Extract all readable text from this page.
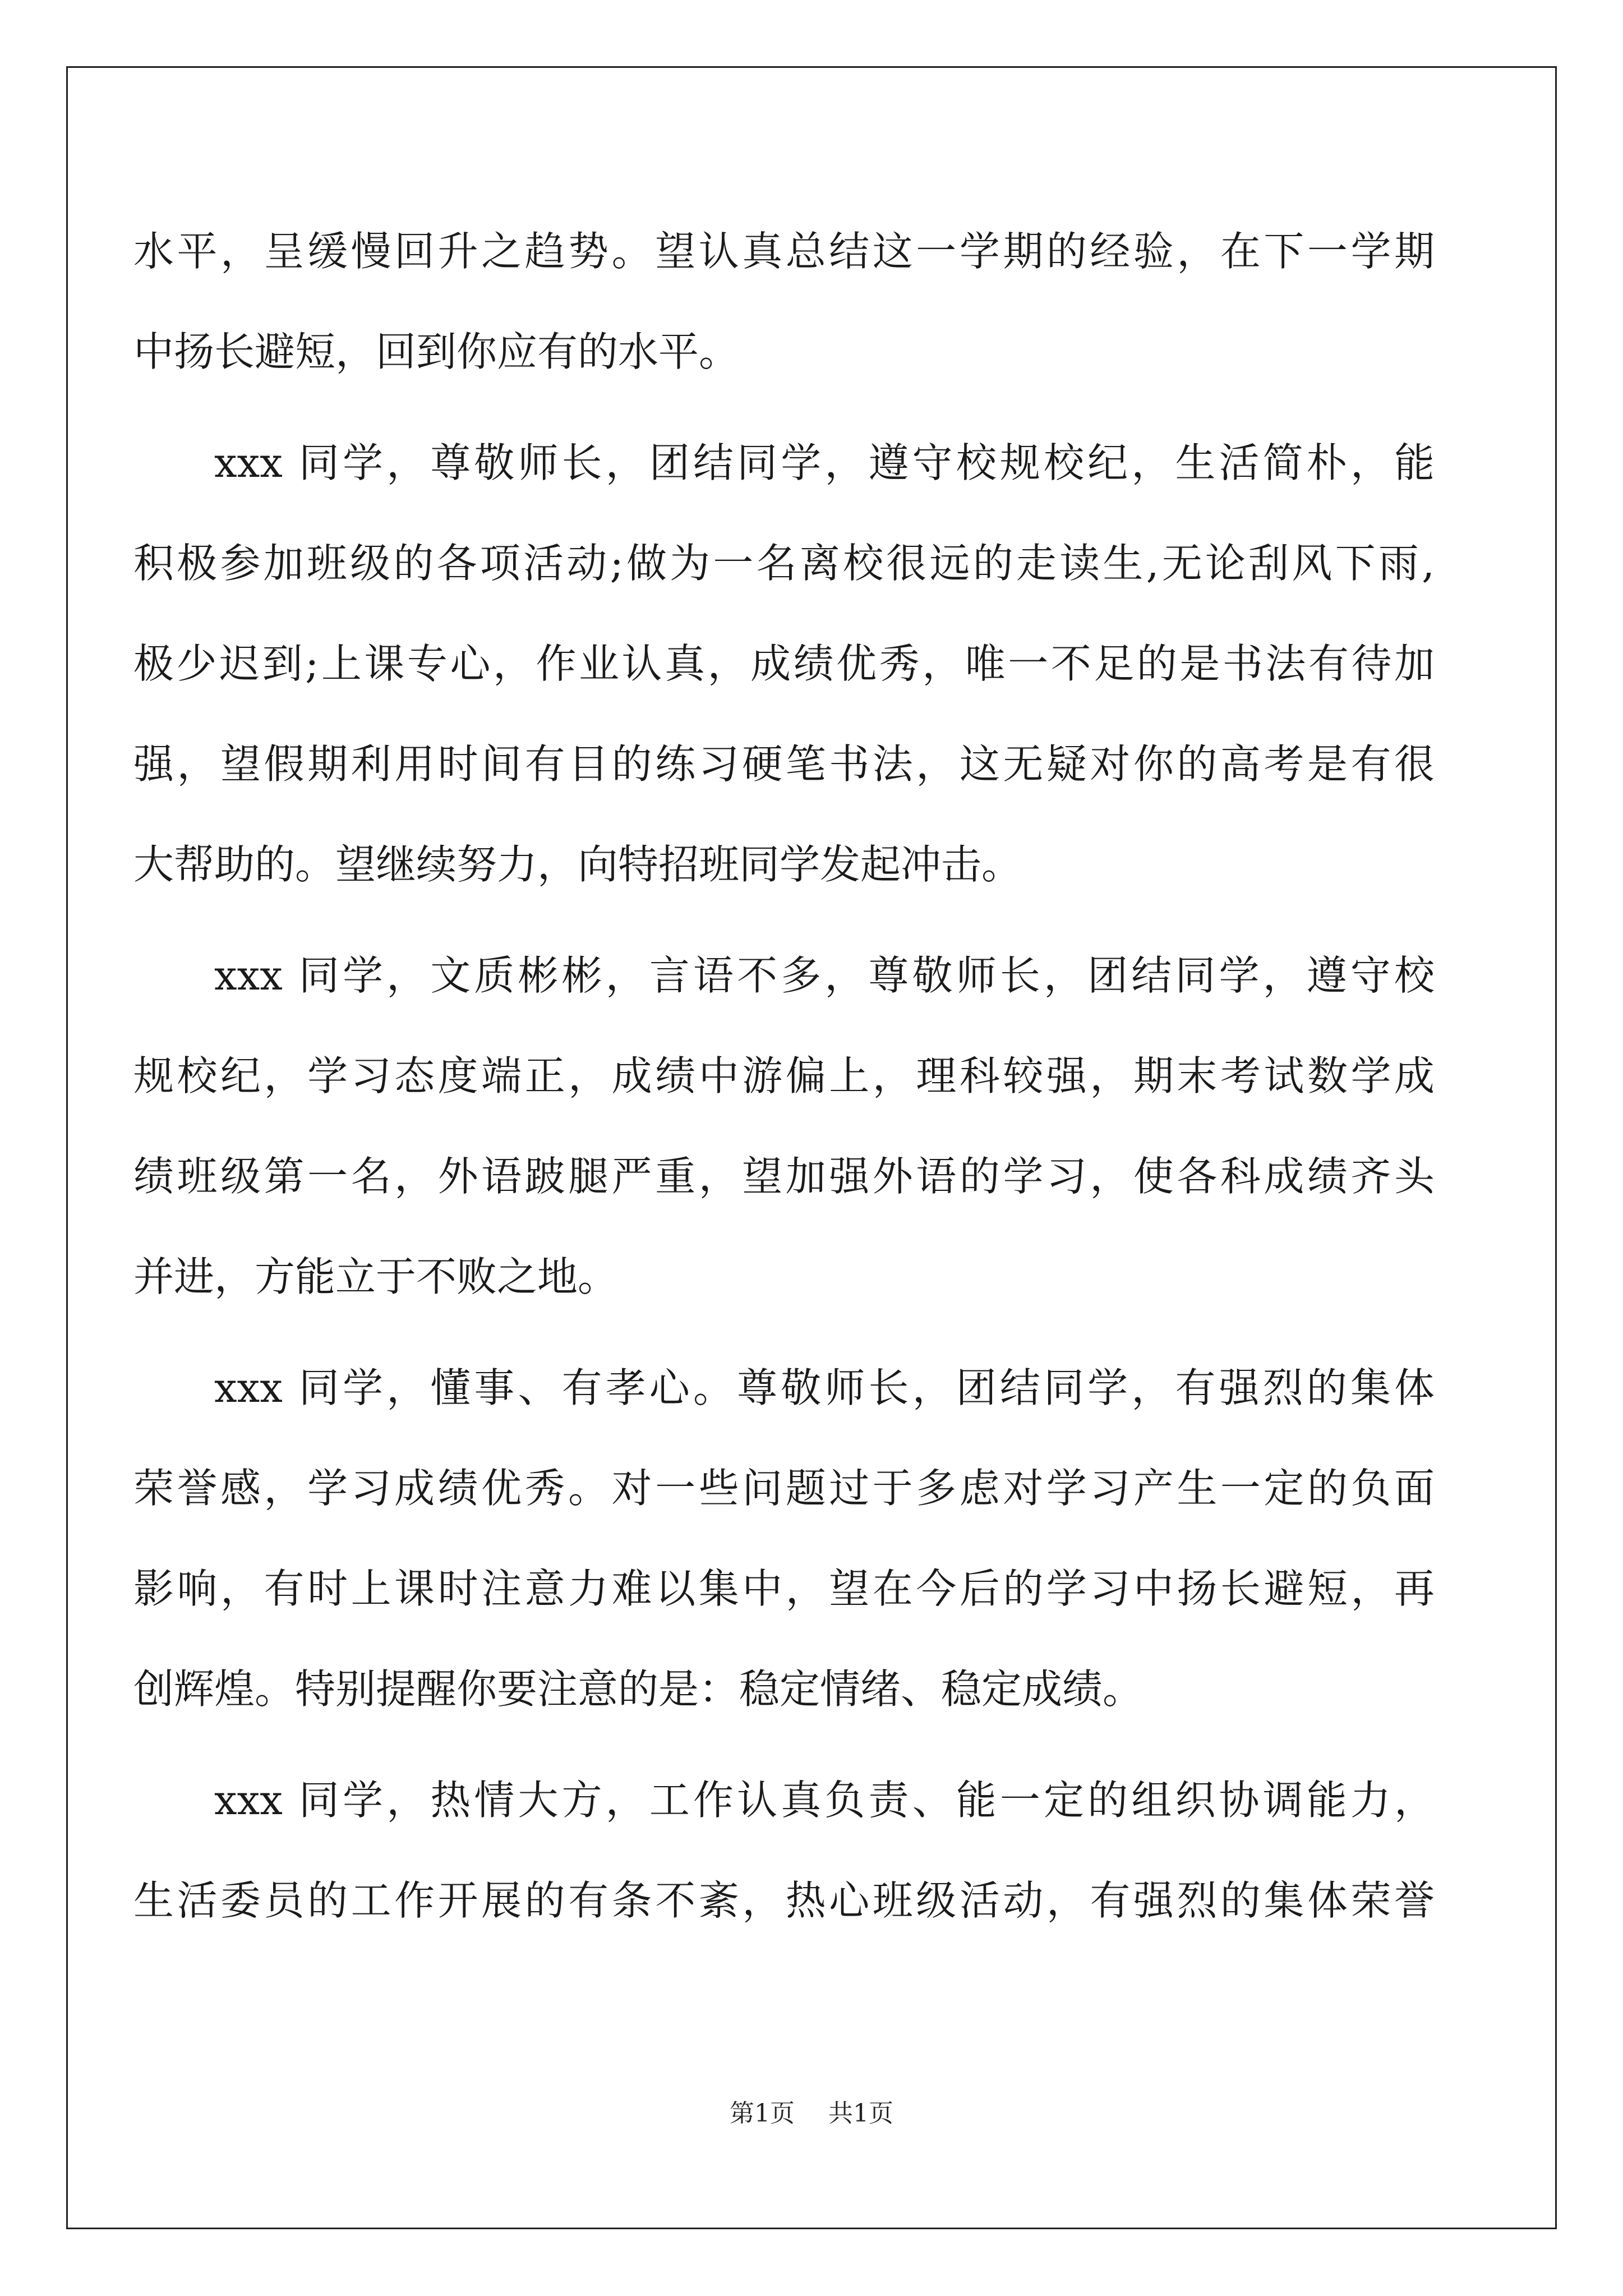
水平，呈缓慢回升之趋势。望认真总结这一学期的经验，在下一学期
中扬长避短，回到你应有的水平。
xxx 同学，尊敬师长，团结同学，遵守校规校纪，生活简朴，能
积极参加班级的各项活动;做为一名离校很远的走读生,无论刮风下雨,
极少迟到;上课专心，作业认真，成绩优秀，唯一不足的是书法有待加
强，望假期利用时间有目的练习硬笔书法，这无疑对你的高考是有很
大帮助的。望继续努力，向特招班同学发起冲击。
xxx 同学，文质彬彬，言语不多，尊敬师长，团结同学，遵守校
规校纪，学习态度端正，成绩中游偏上，理科较强，期末考试数学成
绩班级第一名，外语跛腿严重，望加强外语的学习，使各科成绩齐头
并进，方能立于不败之地。
xxx 同学，懂事、有孝心。尊敬师长，团结同学，有强烈的集体
荣誉感，学习成绩优秀。对一些问题过于多虑对学习产生一定的负面
影响，有时上课时注意力难以集中，望在今后的学习中扬长避短，再
创辉煌。特别提醒你要注意的是：稳定情绪、稳定成绩。
xxx 同学，热情大方，工作认真负责、能一定的组织协调能力，
生活委员的工作开展的有条不紊，热心班级活动，有强烈的集体荣誉
第1页 共1页
